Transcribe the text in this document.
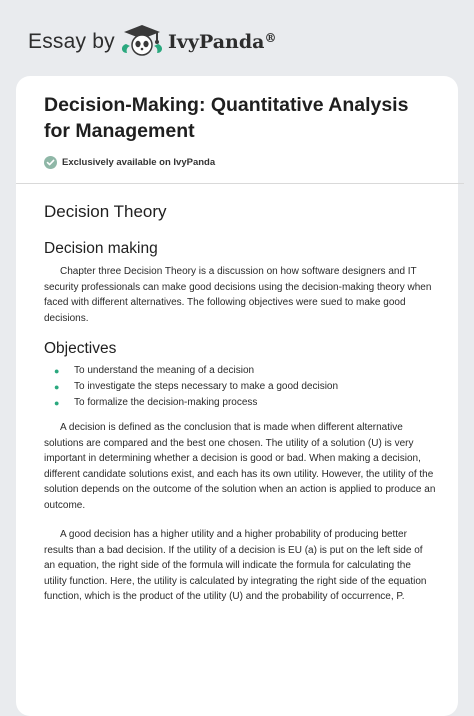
Essay by	IvyPanda®
Decision-Making: Quantitative Analysis
for Management
Exclusively available on IvyPanda
Decision Theory
Decision making

Chapter three Decision Theory is a discussion on how software designers and IT security professionals can make good decisions using the decision-making theory when faced with different alternatives. The following objectives were sued to make good decisions.

Objectives
● To understand the meaning of a decision
● To investigate the steps necessary to make a good decision
● To formalize the decision-making process

A decision is defined as the conclusion that is made when different alternative solutions are compared and the best one chosen. The utility of a solution (U) is very important in determining whether a decision is good or bad. When making a decision, different candidate solutions exist, and each has its own utility. However, the utility of the solution depends on the outcome of the solution when an action is applied to produce an outcome.

A good decision has a higher utility and a higher probability of producing better results than a bad decision. If the utility of a decision is EU (a) is put on the left side of an equation, the right side of the formula will indicate the formula for calculating the utility function. Here, the utility is calculated by integrating the right side of the equation function, which is the product of the utility (U) and the probability of occurrence, P.
